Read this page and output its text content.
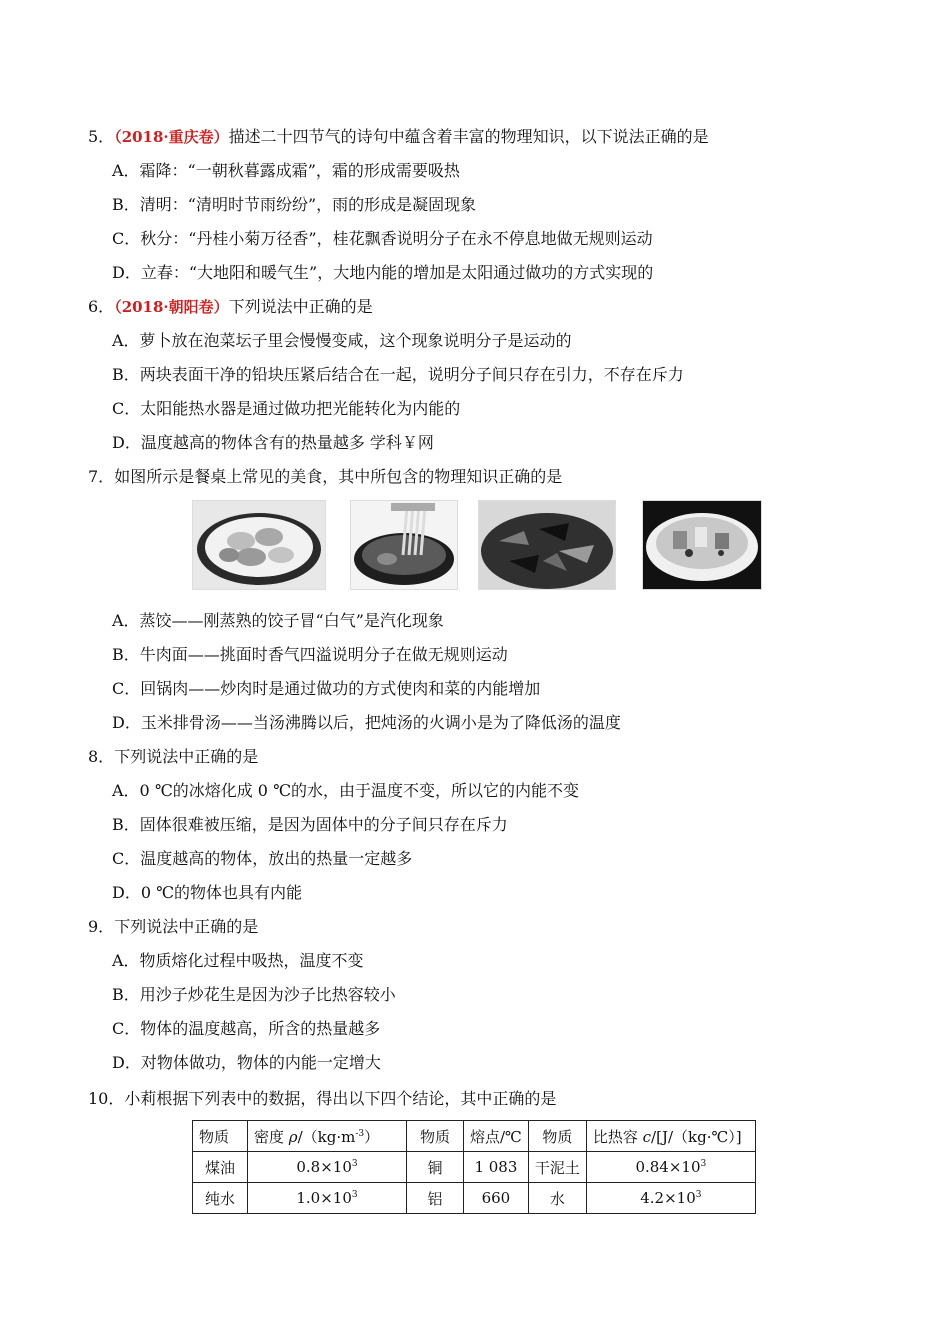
5．（2018·重庆卷）描述二十四节气的诗句中蕴含着丰富的物理知识，以下说法正确的是
A．霜降：“一朝秋暮露成霜”，霜的形成需要吸热
B．清明：“清明时节雨纷纷”，雨的形成是凝固现象
C．秋分：“丹桂小菊万径香”，桂花飘香说明分子在永不停息地做无规则运动
D．立春：“大地阳和暖气生”，大地内能的增加是太阳通过做功的方式实现的
6．（2018·朝阳卷）下列说法中正确的是
A．萝卜放在泡菜坛子里会慢慢变咸，这个现象说明分子是运动的
B．两块表面干净的铅块压紧后结合在一起，说明分子间只存在引力，不存在斥力
C．太阳能热水器是通过做功把光能转化为内能的
D．温度越高的物体含有的热量越多 学科￥网
7．如图所示是餐桌上常见的美食，其中所包含的物理知识正确的是
A．蒸饺——刚蒸熟的饺子冒“白气”是汽化现象
B．牛肉面——挑面时香气四溢说明分子在做无规则运动
C．回锅肉——炒肉时是通过做功的方式使肉和菜的内能增加
D．玉米排骨汤——当汤沸腾以后，把炖汤的火调小是为了降低汤的温度
8．下列说法中正确的是
A．0 ℃的冰熔化成 0 ℃的水，由于温度不变，所以它的内能不变
B．固体很难被压缩，是因为固体中的分子间只存在斥力
C．温度越高的物体，放出的热量一定越多
D．0 ℃的物体也具有内能
9．下列说法中正确的是
A．物质熔化过程中吸热，温度不变
B．用沙子炒花生是因为沙子比热容较小
C．物体的温度越高，所含的热量越多
D．对物体做功，物体的内能一定增大
10．小莉根据下列表中的数据，得出以下四个结论，其中正确的是
物质	密度 $\rho/(kg\cdot m^{-3})$	物质	熔点/℃	物质	比热容 c/[J/（kg·℃）]
煤油	$0.8\times 10^3$	铜	1 083	干泥土	$0.84\times 10^3$
纯水	$1.0\times 10^3$	铝	660	水	$4.2\times 10^3$
